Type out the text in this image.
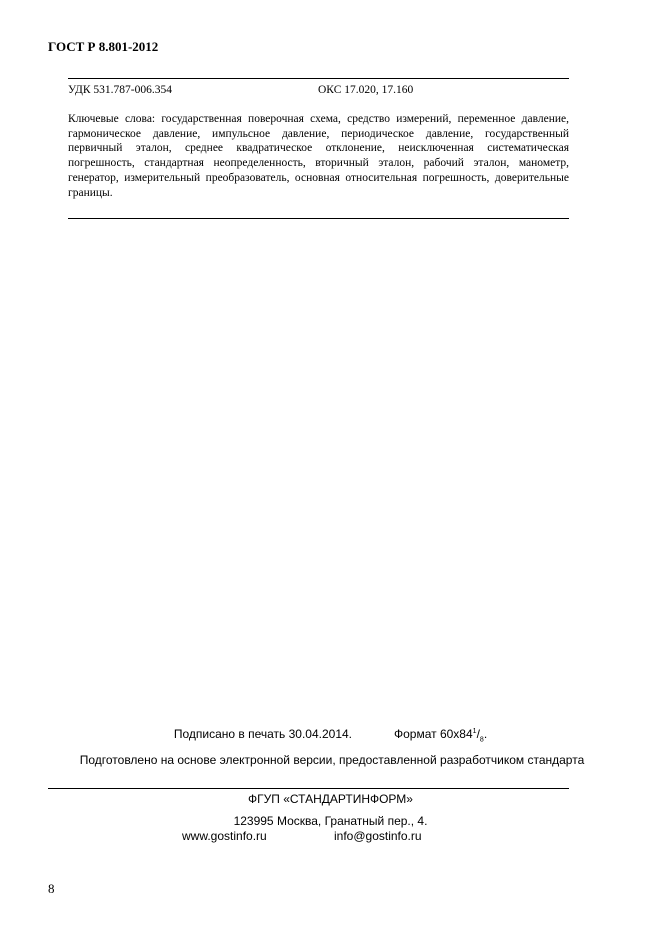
ГОСТ Р 8.801-2012
УДК 531.787-006.354	ОКС 17.020, 17.160
Ключевые слова: государственная поверочная схема, средство измерений, переменное давление, гармоническое давление, импульсное давление, периодическое давление, государственный первичный эталон, среднее квадратическое отклонение, неисключенная систематическая погрешность, стандартная неопределенность, вторичный эталон, рабочий эталон, манометр, генератор, измерительный преобразователь, основная относительная погрешность, доверительные границы.
Подписано в печать 30.04.2014.	Формат $60х84^1/_8$.
Подготовлено на основе электронной версии, предоставленной разработчиком стандарта
ФГУП «СТАНДАРТИНФОРМ»
123995 Москва, Гранатный пер., 4.
www.gostinfo.ru	info@gostinfo.ru
8
